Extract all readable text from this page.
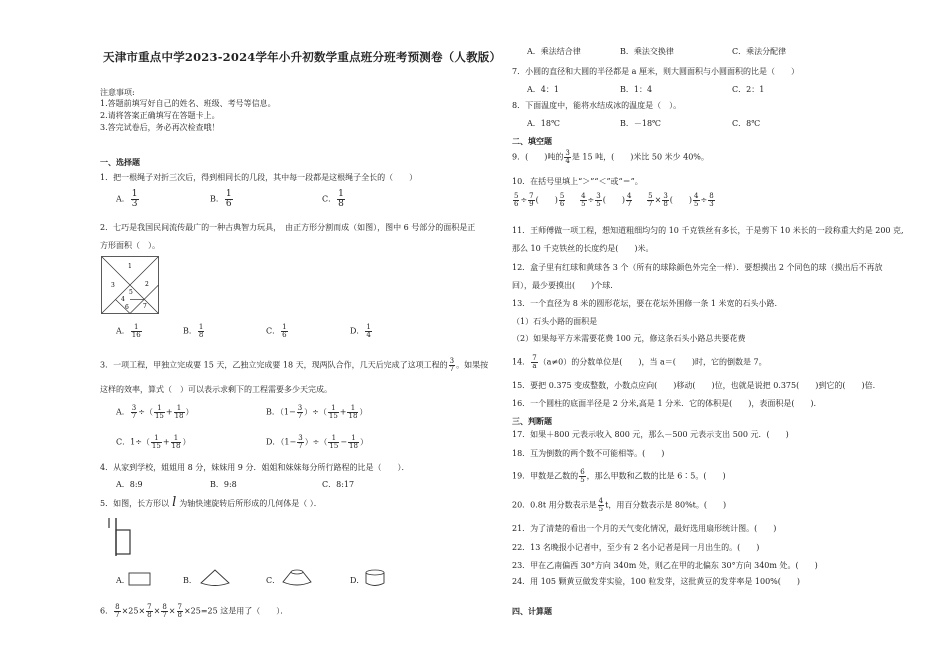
天津市重点中学2023-2024学年小升初数学重点班分班考预测卷（人教版）
注意事项:
1.答题前填写好自己的姓名、班级、考号等信息。
2.请将答案正确填写在答题卡上。
3.答完试卷后，务必再次检查哦！
一、选择题
1．把一根绳子对折三次后，得到相同长的几段，其中每一段都是这根绳子全长的（　　）
A． $\frac{1}{3}$	B． $\frac{1}{6}$	C． $\frac{1}{8}$
2．七巧是我国民间流传最广的一种古典智力玩具，　由正方形分割而成（如图），图中 6 号部分的面积是正
方形面积（　）。
1
2
3
4
5
6 7
A． $\frac{1}{16}$	B． $\frac{1}{8}$	C． $\frac{1}{6}$	D． $\frac{1}{4}$
3．一项工程，甲独立完成要 15 天，乙独立完成要 18 天，现两队合作，几天后完成了这项工程的 $\frac{3}{7}$ 。如果按
这样的效率，算式（　）可以表示求剩下的工程需要多少天完成。
A． $\frac{3}{7}$ ÷（ $\frac{1}{15} + \frac{1}{18}$ ）	B．（$1- \frac{3}{7}$ ）÷（ $\frac{1}{15} + \frac{1}{18}$ ）
C．$1\div( \frac{1}{15} + \frac{1}{18}$ ）	D．（$1- \frac{3}{7}$ ）÷（ $\frac{1}{15} - \frac{1}{18}$ ）
4．从家到学校，姐姐用 8 分，妹妹用 9 分．姐姐和妹妹每分所行路程的比是（　　）．
A．8:9	B．9:8	C．8:17
5．如图，长方形以 l 为轴快速旋转后所形成的几何体是（ ）．
A．	B．	C．	D．
6． $\frac{8}{7} \times 25\times \frac{7}{8} \times \frac{8}{7} \times \frac{7}{8} \times 25=25$ 这是用了（　　）．
A．乘法结合律	B．乘法交换律	C．乘法分配律
7．小圆的直径和大圆的半径都是 a 厘米，则大圆面积与小圆面积的比是（　　）
A．4：1	B．1：4	C．2：1
8．下面温度中，能将水结成冰的温度是（　）。
A．18℃	B．－18℃	C．8℃
二、填空题
9．(　　)吨的 $\frac{3}{4}$ 是 15 吨，(　　)米比 50 米少 40%。
10．在括号里填上“＞”“＜”或“＝”。
$\frac{5}{6} \div \frac{7}{9}$ (　　) $\frac{5}{6}$
$\frac{4}{5} \div \frac{3}{5}$ (　　) $\frac{4}{7}$
$\frac{5}{7} \times \frac{3}{8}$ (　　) $\frac{4}{5} \div \frac{8}{3}$
11．王师傅做一项工程，想知道粗细均匀的 10 千克铁丝有多长，于是剪下 10 米长的一段称重大约是 200 克,
那么 10 千克铁丝的长度约是(　　)米。
12．盒子里有红球和黄球各 3 个（所有的球除颜色外完全一样）．要想摸出 2 个同色的球（摸出后不再放
回），最少要摸出(　　)个球.
13．一个直径为 8 米的圆形花坛，要在花坛外围修一条 1 米宽的石头小路.
（1）石头小路的面积是
（2）如果每平方米需要花费 100 元，修这条石头小路总共要花费
14． $\frac{7}{a} (a\ne 0)$的分数单位是(　　)，当 a＝(　　)时，它的倒数是 7。
15．要把 0.375 变成整数，小数点应向(　　)移动(　　)位，也就是说把 0.375(　　)到它的(　　)倍.
16．一个圆柱的底面半径是 2 分米,高是 1 分米．它的体积是(　　)，表面积是(　　).
三、判断题
17．如果＋800 元表示收入 800 元，那么－500 元表示支出 500 元．(　　)
18．互为倒数的两个数不可能相等。(　　)
19．甲数是乙数的 $\frac{6}{5}$ ，那么甲数和乙数的比是 6∶5。(　　)
20．0.8t 用分数表示是 $\frac{4}{5}$ t，用百分数表示是 80%t。(　　)
21．为了清楚的看出一个月的天气变化情况，最好选用扇形统计图。(　　)
22．13 名晚报小记者中，至少有 2 名小记者是同一月出生的。(　　)
23．甲在乙南偏西 30°方向 340m 处，则乙在甲的北偏东 30°方向 340m 处。(　　)
24．用 105 颗黄豆做发芽实验，100 粒发芽，这批黄豆的发芽率是 100%(　　)
四、计算题
